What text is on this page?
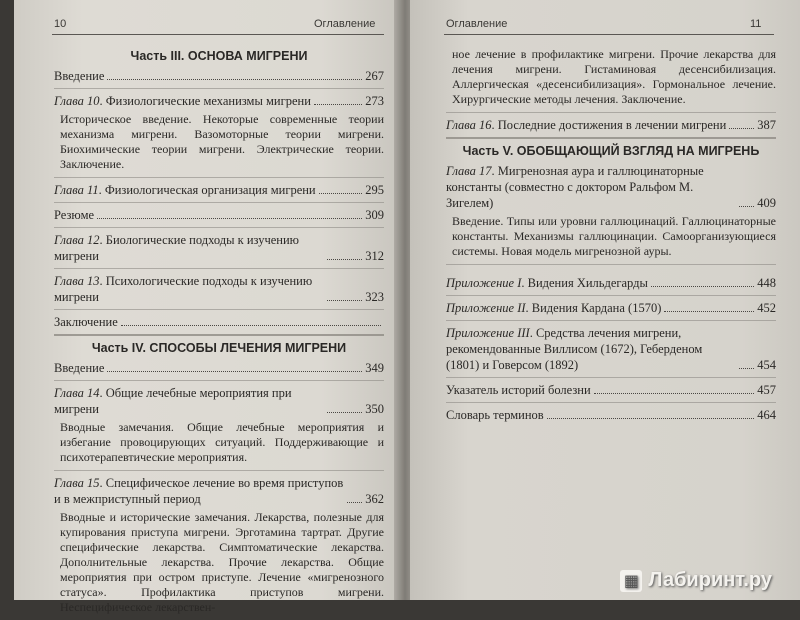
10	Оглавление
Часть III. ОСНОВА МИГРЕНИ
Введение	267
Глава 10. Физиологические механизмы мигрени	273
Историческое введение. Некоторые современные теории механизма мигрени. Вазомоторные теории мигрени. Биохимические теории мигрени. Электрические теории. Заключение.
Глава 11. Физиологическая организация мигрени	295
Резюме	309
Глава 12. Биологические подходы к изучению мигрени	312
Глава 13. Психологические подходы к изучению мигрени	323
Заключение
Часть IV. СПОСОБЫ ЛЕЧЕНИЯ МИГРЕНИ
Введение	349
Глава 14. Общие лечебные мероприятия при мигрени	350
Вводные замечания. Общие лечебные мероприятия и избегание провоцирующих ситуаций. Поддерживающие и психотерапевтические мероприятия.
Глава 15. Специфическое лечение во время приступов и в межприступный период	362
Вводные и исторические замечания. Лекарства, полезные для купирования приступа мигрени. Эрготамина тартрат. Другие специфические лекарства. Симптоматические лекарства. Дополнительные лекарства. Прочие лекарства. Общие мероприятия при остром приступе. Лечение «мигренозного статуса». Профилактика приступов мигрени. Неспецифическое лекарствен-
Оглавление	11
ное лечение в профилактике мигрени. Прочие лекарства для лечения мигрени. Гистаминовая десенсибилизация. Аллергическая «десенсибилизация». Гормональное лечение. Хирургические методы лечения. Заключение.
Глава 16. Последние достижения в лечении мигрени 387
Часть V. ОБОБЩАЮЩИЙ ВЗГЛЯД НА МИГРЕНЬ
Глава 17. Мигренозная аура и галлюцинаторные константы (совместно с доктором Ральфом М. Зигелем)	409
Введение. Типы или уровни галлюцинаций. Галлюцинаторные константы. Механизмы галлюцинации. Самоорганизующиеся системы. Новая модель мигренозной ауры.
Приложение I. Видения Хильдегарды	448
Приложение II. Видения Кардана (1570)	452
Приложение III. Средства лечения мигрени, рекомендованные Виллисом (1672), Геберденом (1801) и Говерсом (1892)	454
Указатель историй болезни	457
Словарь терминов	464
▦ Лабиринт.ру
